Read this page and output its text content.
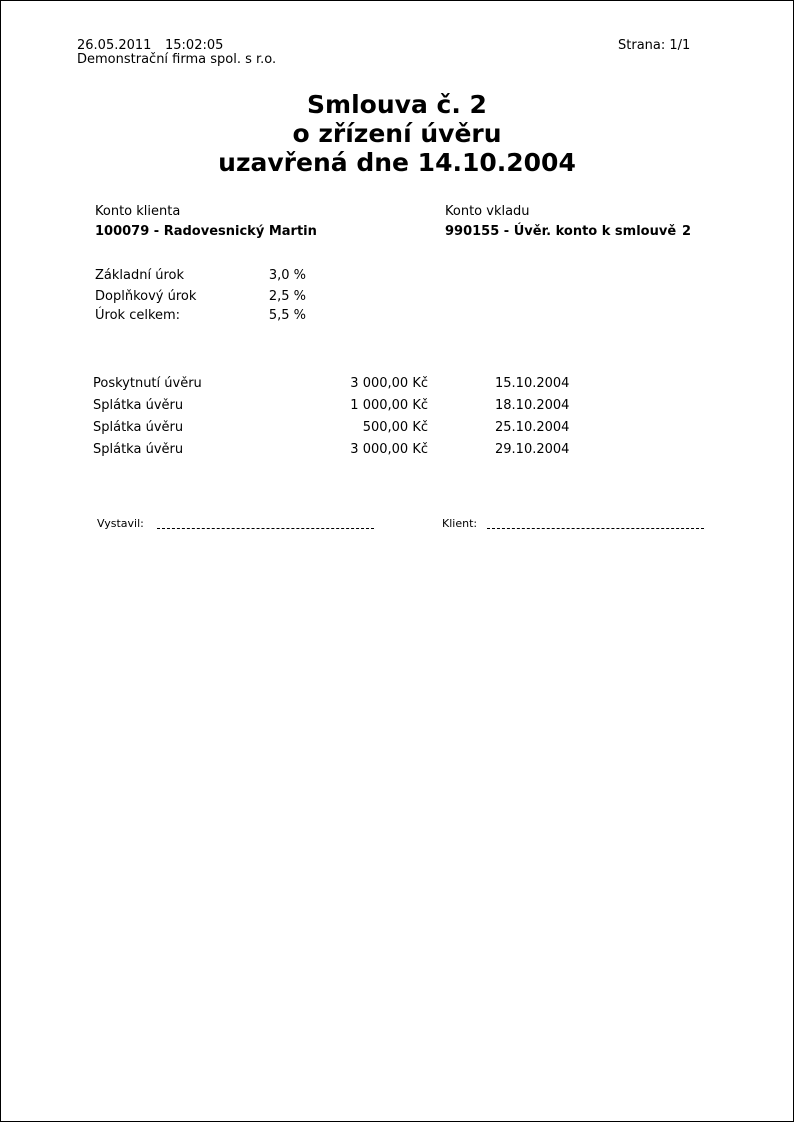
26.05.2011 15:02:05
Demonstrační firma spol. s r.o.
Strana: 1/1
Smlouva č. 2
o zřízení úvěru
uzavřená dne 14.10.2004
Konto klienta
100079 - Radovesnický Martin
Konto vkladu
990155 - Úvěr. konto k smlouvě 2
Základní úrok	3,0 %
Doplňkový úrok	2,5 %
Úrok celkem:	5,5 %
Poskytnutí úvěru	3 000,00 Kč	15.10.2004
Splátka úvěru	1 000,00 Kč	18.10.2004
Splátka úvěru	500,00 Kč	25.10.2004
Splátka úvěru	3 000,00 Kč	29.10.2004
Vystavil:	Klient:
